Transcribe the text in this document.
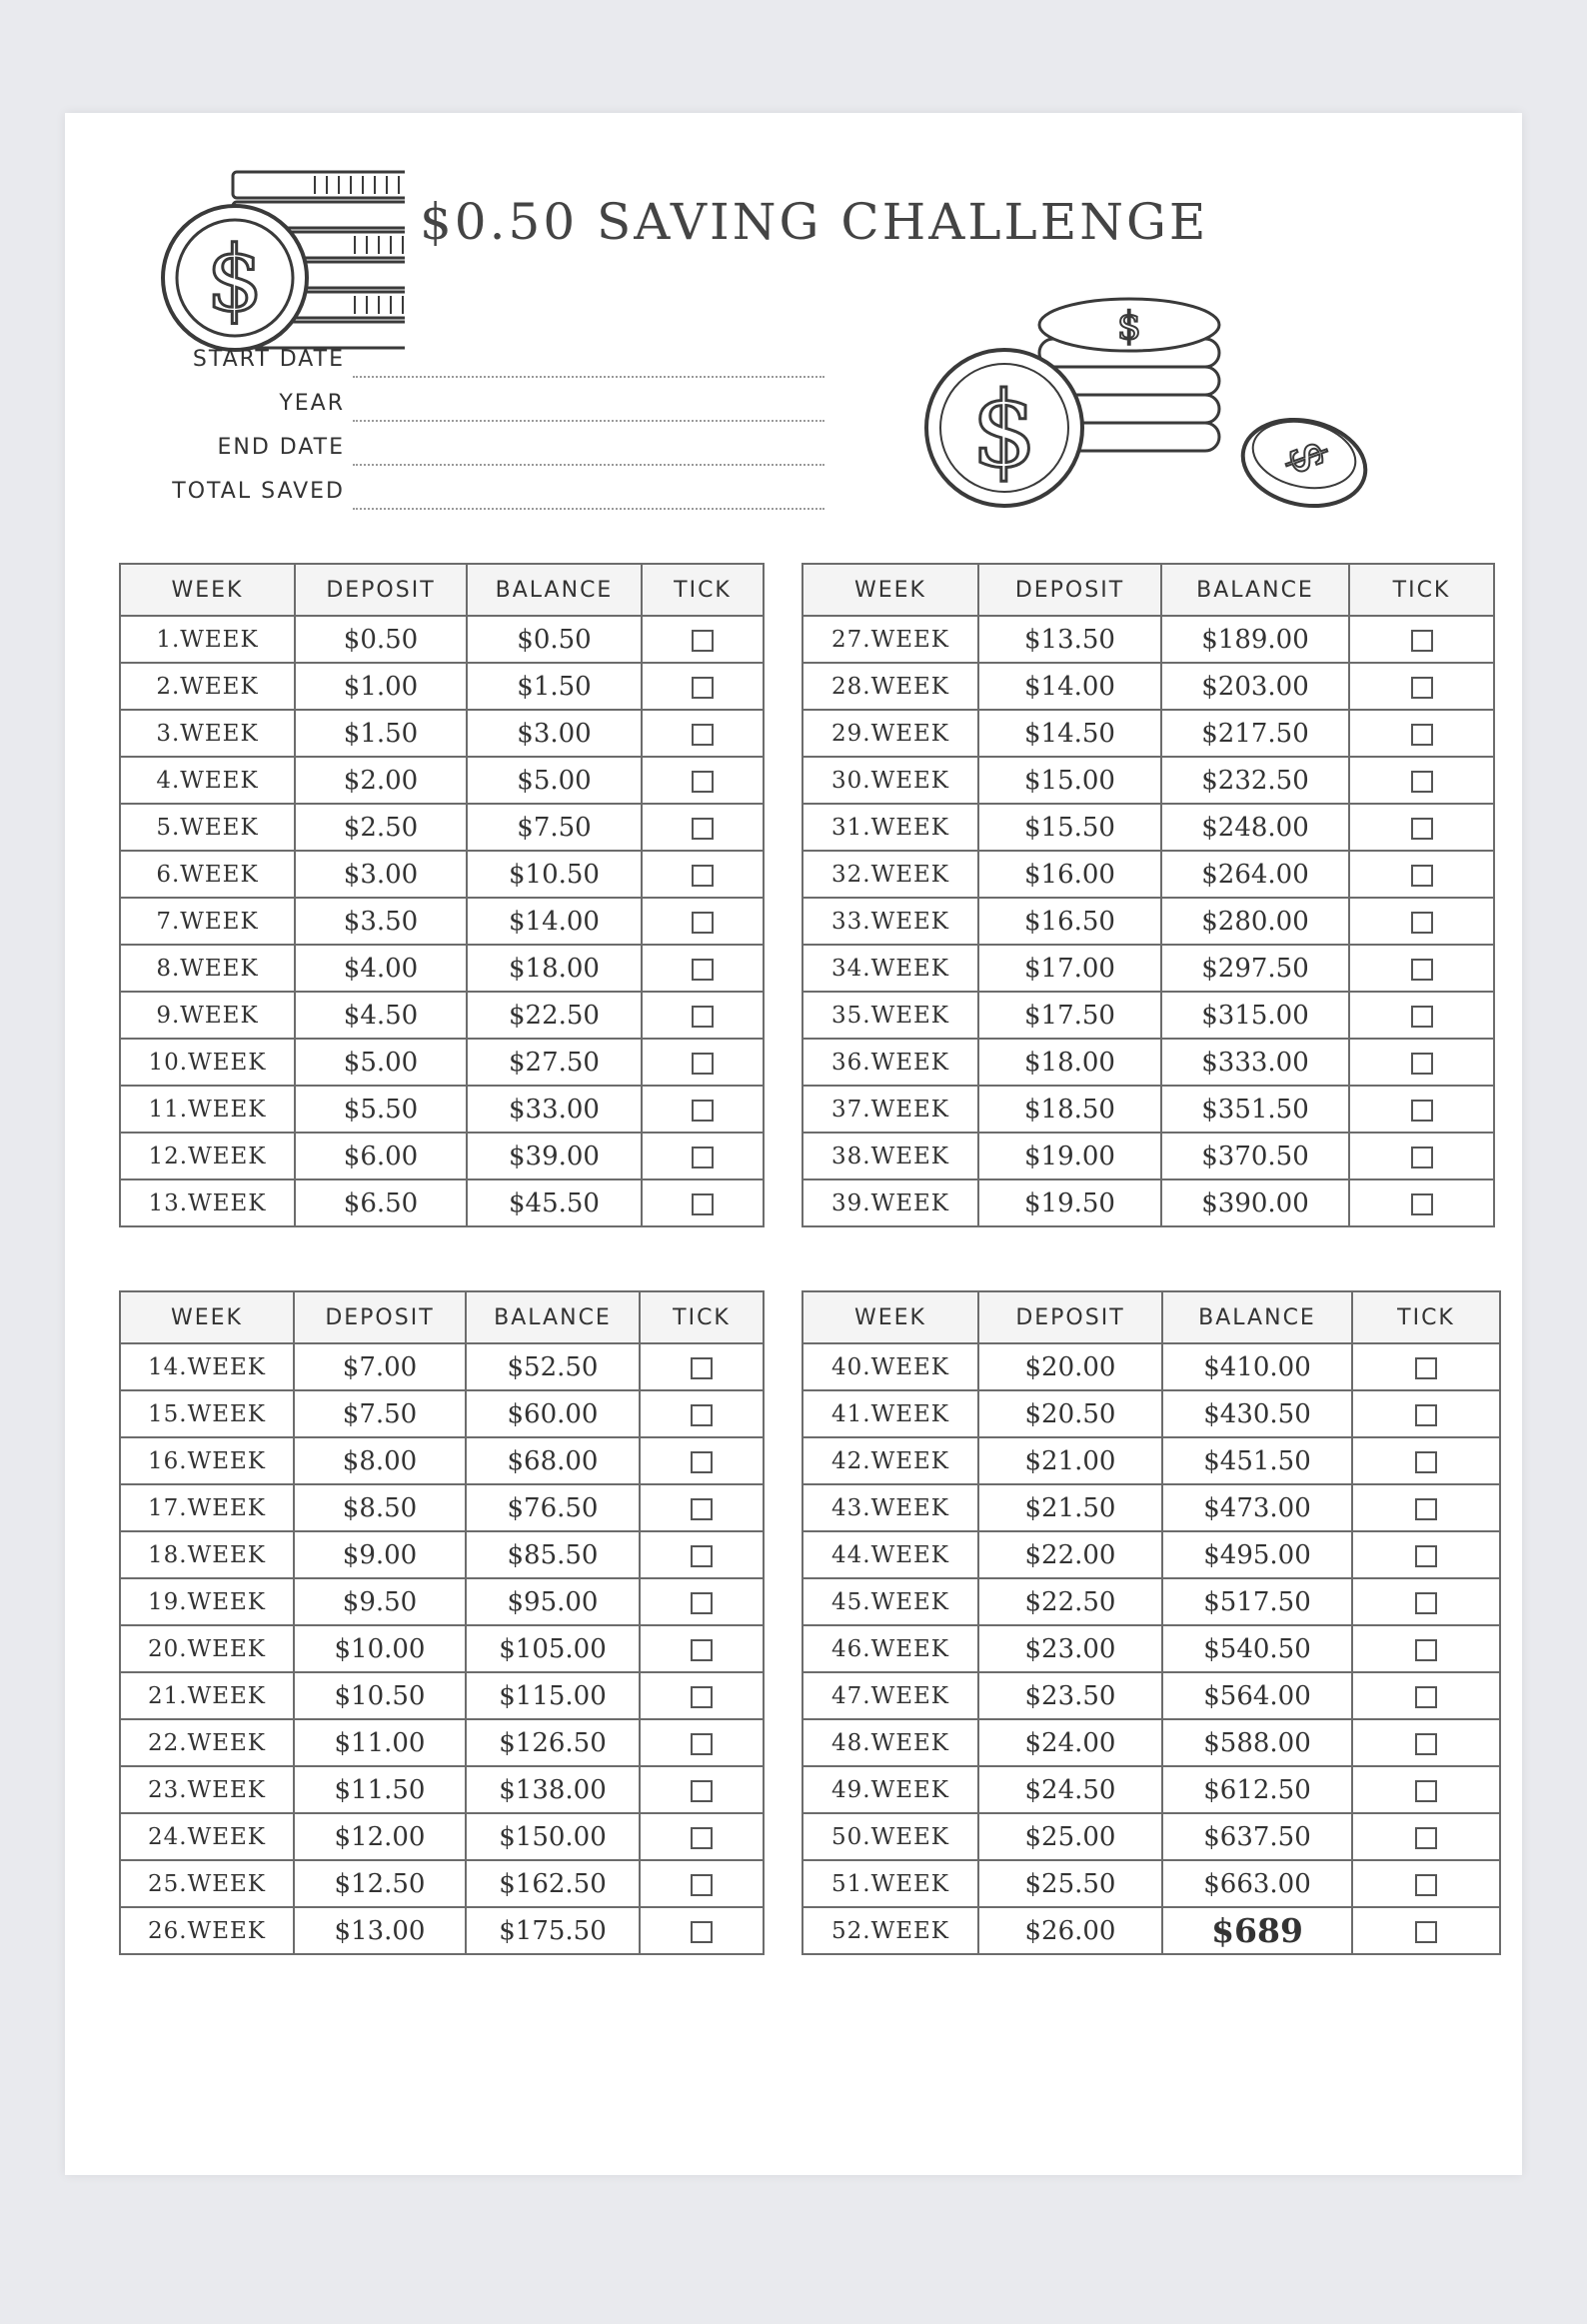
$
$0.50 SAVING CHALLENGE
$
$	$
START DATE
YEAR
END DATE
TOTAL SAVED
WEEK	DEPOSIT	BALANCE	TICK
1.WEEK	$0.50	$0.50	
2.WEEK	$1.00	$1.50	
3.WEEK	$1.50	$3.00	
4.WEEK	$2.00	$5.00	
5.WEEK	$2.50	$7.50	
6.WEEK	$3.00	$10.50	
7.WEEK	$3.50	$14.00	
8.WEEK	$4.00	$18.00	
9.WEEK	$4.50	$22.50	
10.WEEK	$5.00	$27.50	
11.WEEK	$5.50	$33.00	
12.WEEK	$6.00	$39.00	
13.WEEK	$6.50	$45.50	
WEEK	DEPOSIT	BALANCE	TICK
27.WEEK	$13.50	$189.00	
28.WEEK	$14.00	$203.00	
29.WEEK	$14.50	$217.50	
30.WEEK	$15.00	$232.50	
31.WEEK	$15.50	$248.00	
32.WEEK	$16.00	$264.00	
33.WEEK	$16.50	$280.00	
34.WEEK	$17.00	$297.50	
35.WEEK	$17.50	$315.00	
36.WEEK	$18.00	$333.00	
37.WEEK	$18.50	$351.50	
38.WEEK	$19.00	$370.50	
39.WEEK	$19.50	$390.00	
WEEK	DEPOSIT	BALANCE	TICK
14.WEEK	$7.00	$52.50	
15.WEEK	$7.50	$60.00	
16.WEEK	$8.00	$68.00	
17.WEEK	$8.50	$76.50	
18.WEEK	$9.00	$85.50	
19.WEEK	$9.50	$95.00	
20.WEEK	$10.00	$105.00	
21.WEEK	$10.50	$115.00	
22.WEEK	$11.00	$126.50	
23.WEEK	$11.50	$138.00	
24.WEEK	$12.00	$150.00	
25.WEEK	$12.50	$162.50	
26.WEEK	$13.00	$175.50	
WEEK	DEPOSIT	BALANCE	TICK
40.WEEK	$20.00	$410.00	
41.WEEK	$20.50	$430.50	
42.WEEK	$21.00	$451.50	
43.WEEK	$21.50	$473.00	
44.WEEK	$22.00	$495.00	
45.WEEK	$22.50	$517.50	
46.WEEK	$23.00	$540.50	
47.WEEK	$23.50	$564.00	
48.WEEK	$24.00	$588.00	
49.WEEK	$24.50	$612.50	
50.WEEK	$25.00	$637.50	
51.WEEK	$25.50	$663.00	
52.WEEK	$26.00	$689	
